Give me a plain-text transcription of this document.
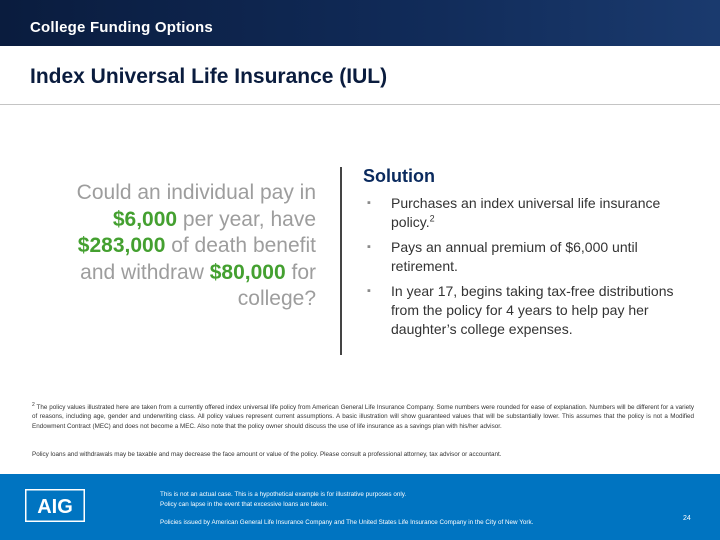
College Funding Options
Index Universal Life Insurance (IUL)
Could an individual pay in $6,000 per year, have $283,000 of death benefit and withdraw $80,000 for college?
Solution
▪ Purchases an index universal life insurance policy.$^2$
▪ Pays an annual premium of $6,000 until retirement.
▪ In year 17, begins taking tax-free distributions from the policy for 4 years to help pay her daughter’s college expenses.
$^2$ The policy values illustrated here are taken from a currently offered index universal life policy from American General Life Insurance Company. Some numbers were rounded for ease of explanation. Numbers will be different for a variety of reasons, including age, gender and underwriting class. All policy values represent current assumptions. A basic illustration will show guaranteed values that will be substantially lower. This assumes that the policy is not a Modified Endowment Contract (MEC) and does not become a MEC. Also note that the policy owner should discuss the use of life insurance as a savings plan with his/her advisor.
Policy loans and withdrawals may be taxable and may decrease the face amount or value of the policy. Please consult a professional attorney, tax advisor or accountant.
AIG
This is not an actual case. This is a hypothetical example is for illustrative purposes only.
Policy can lapse in the event that excessive loans are taken.
Policies issued by American General Life Insurance Company and The United States Life Insurance Company in the City of New York.
24
